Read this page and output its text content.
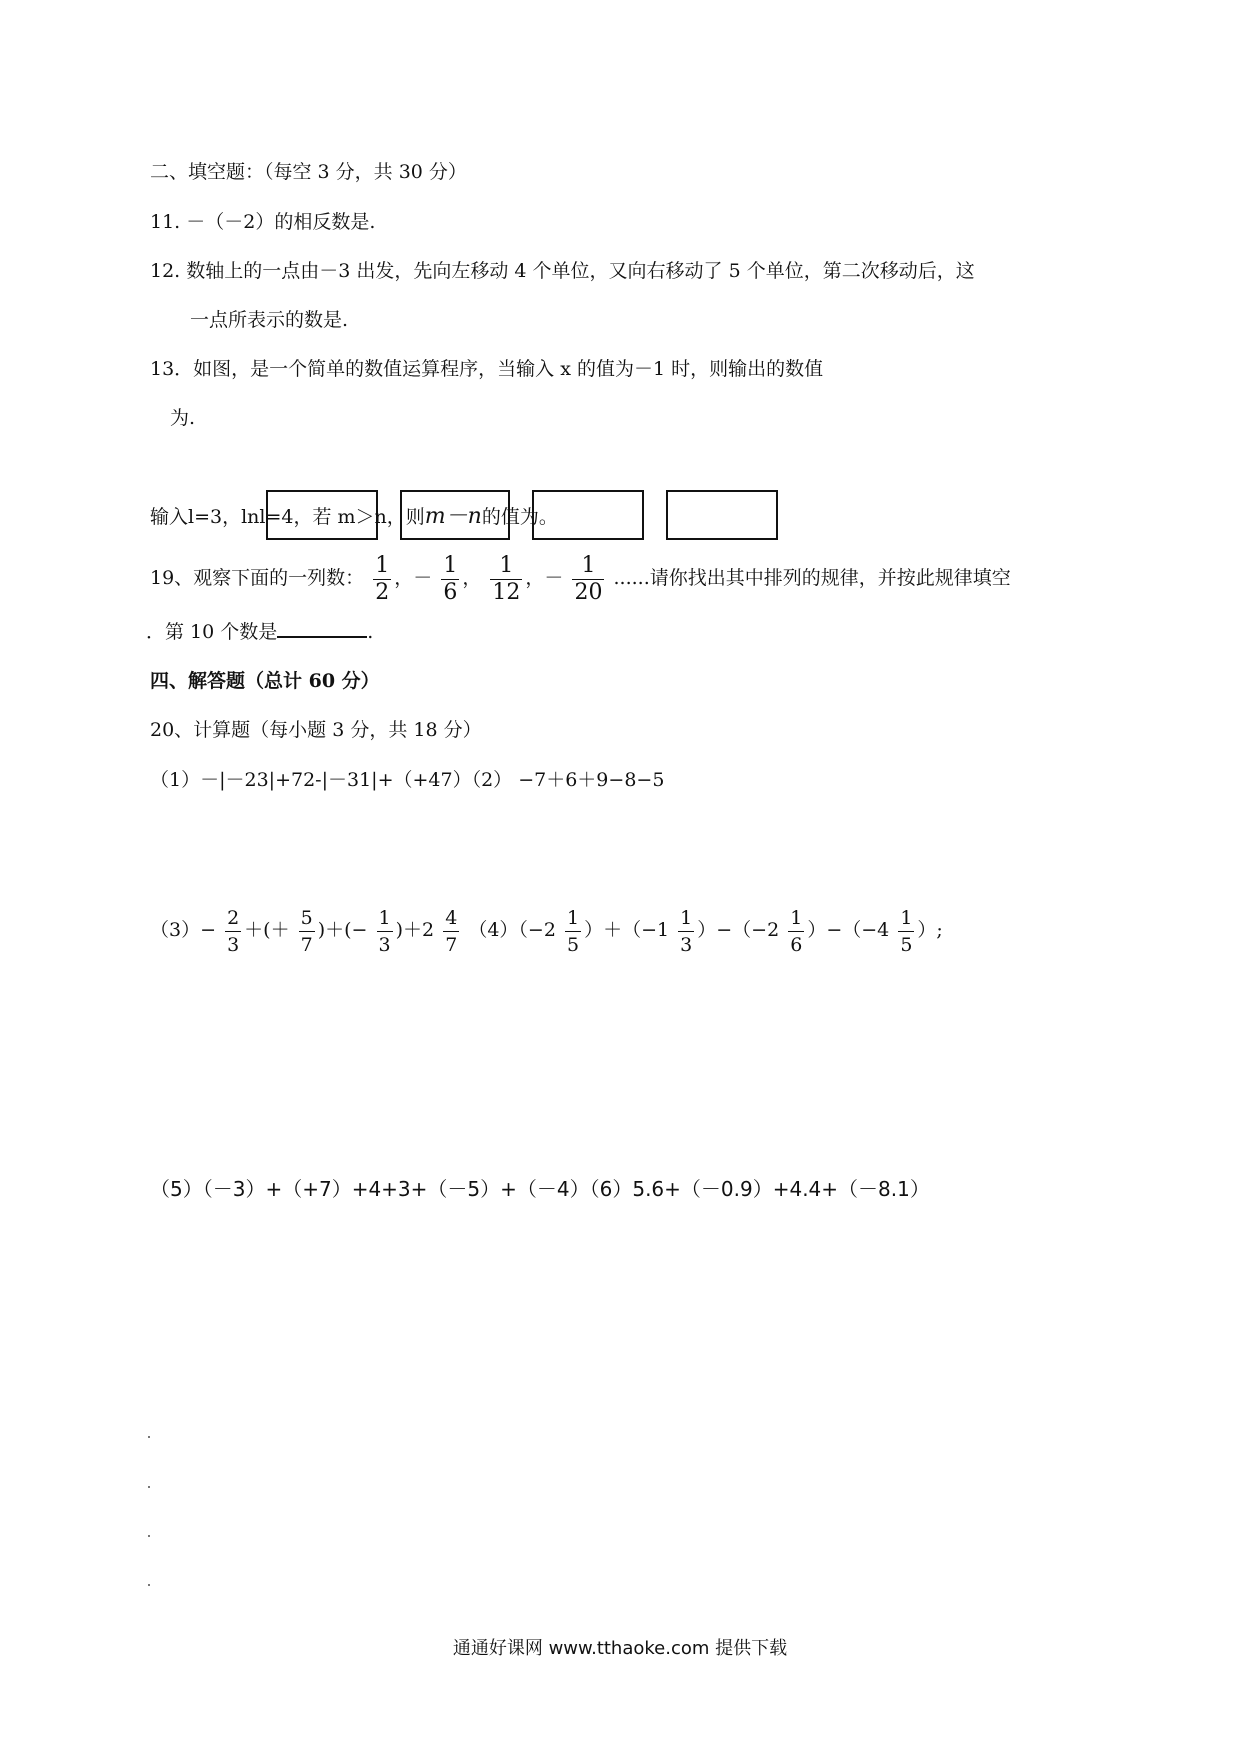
二、填空题：（每空 3 分，共 30 分）
11. －（－2）的相反数是.
12. 数轴上的一点由－3 出发，先向左移动 4 个单位，又向右移动了 5 个单位，第二次移动后，这
一点所表示的数是.
13．如图，是一个简单的数值运算程序，当输入 x 的值为－1 时，则输出的数值
为.
输入l=3，lnl=4，若 m＞n，则m－n的值为。
19、观察下面的一列数： $\frac{1}{2}$ ，－ $\frac{1}{6}$ ， $\frac{1}{12}$ ，－ $\frac{1}{20}$ ......请你找出其中排列的规律，并按此规律填空
．第 10 个数是	.
四、解答题（总计 60 分）
20、计算题（每小题 3 分，共 18 分）
（1）－|－23|+72-|－31|+（+47）（2） −7＋6＋9−8−5
$(3)- \frac{2}{3}$ ＋(＋ $\frac{5}{7}$ )＋(− $\frac{1}{3} )+2 \frac{4}{7} (4)(-2 \frac{1}{5} )+(-1 \frac{1}{3} )-(-2 \frac{1}{6} )-(-4 \frac{1}{5}$ ）;
（5）（－3）+（+7）+4+3+（－5）+（－4）（6）5.6+（－0.9）+4.4+（－8.1）
通通好课网 www.tthaoke.com 提供下载
